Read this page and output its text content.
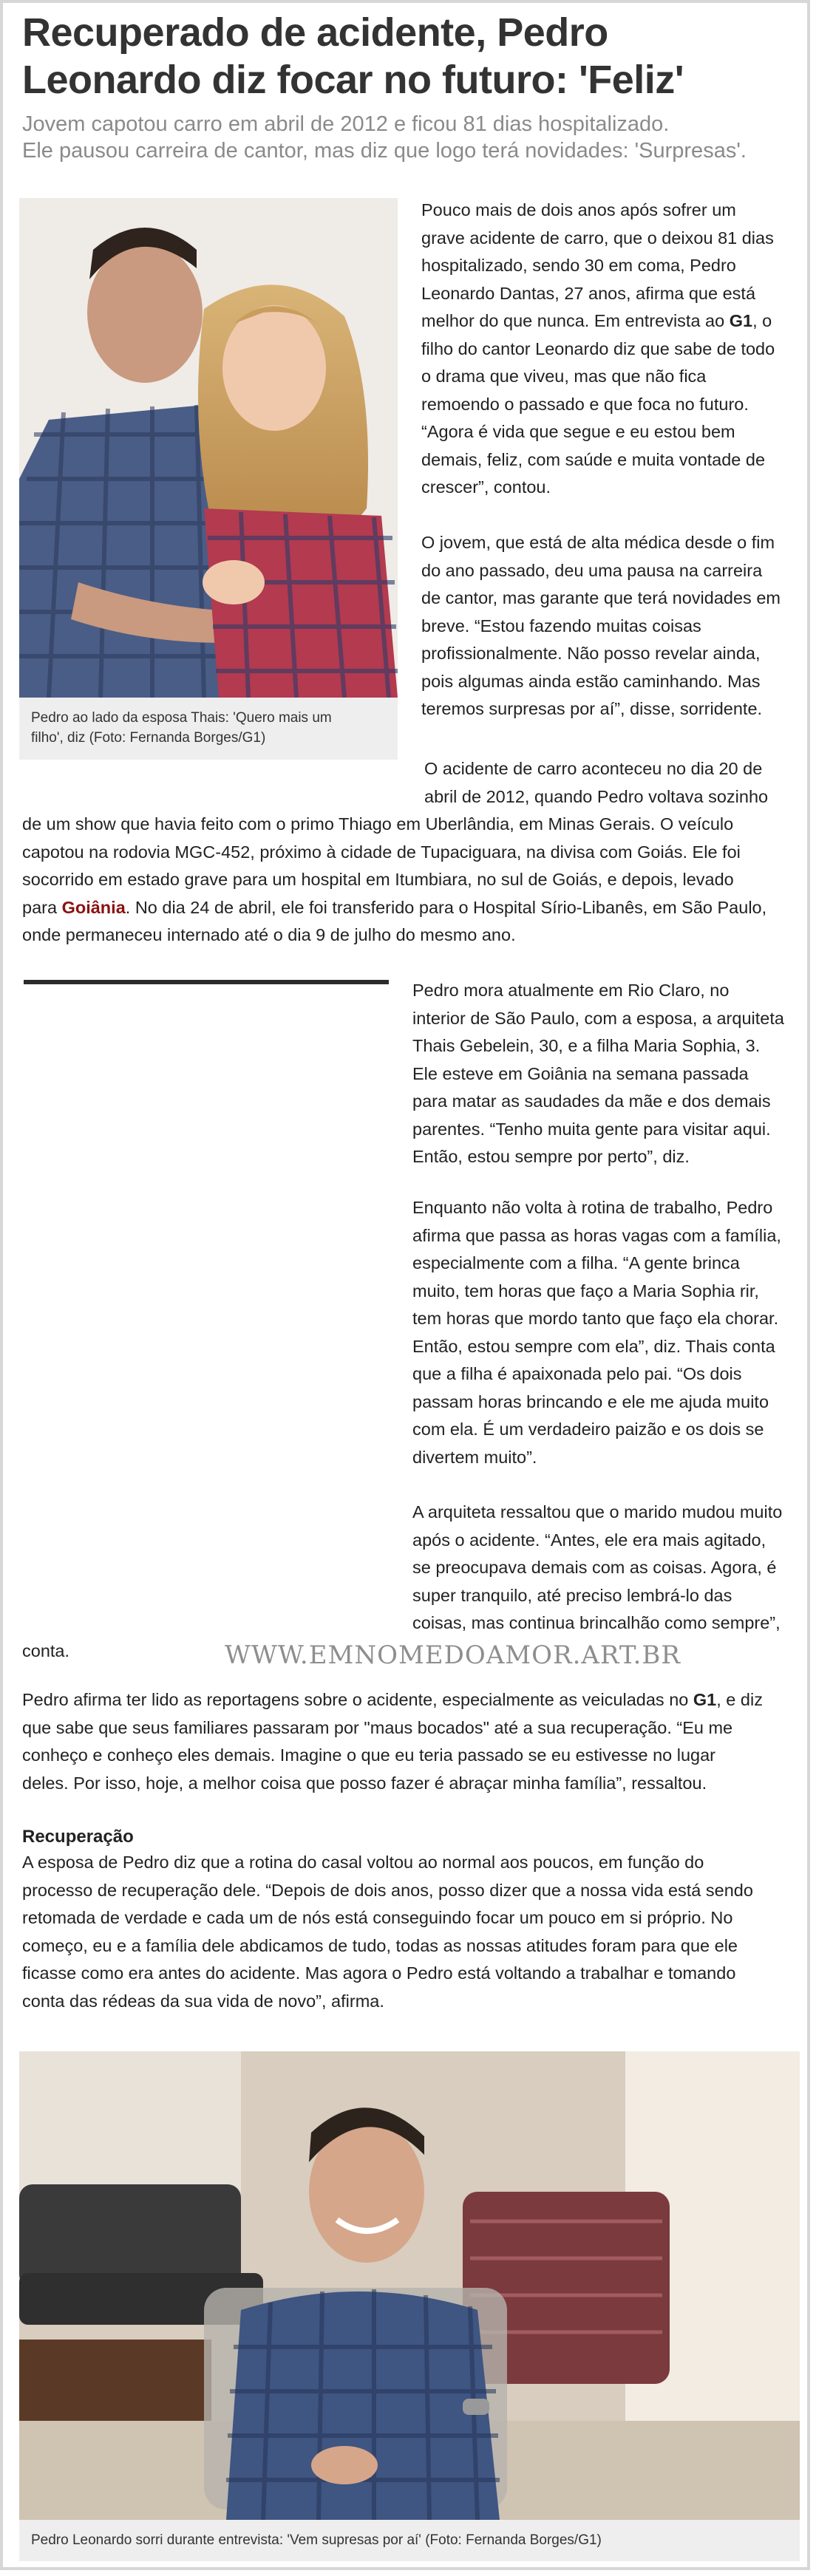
Recuperado de acidente, Pedro
Leonardo diz focar no futuro: 'Feliz'
Jovem capotou carro em abril de 2012 e ficou 81 dias hospitalizado.
Ele pausou carreira de cantor, mas diz que logo terá novidades: 'Surpresas'.
Pedro ao lado da esposa Thais: 'Quero mais um
filho', diz (Foto: Fernanda Borges/G1)
Pouco mais de dois anos após sofrer um
grave acidente de carro, que o deixou 81 dias
hospitalizado, sendo 30 em coma, Pedro
Leonardo Dantas, 27 anos, afirma que está
melhor do que nunca. Em entrevista ao G1, o
filho do cantor Leonardo diz que sabe de todo
o drama que viveu, mas que não fica
remoendo o passado e que foca no futuro.
“Agora é vida que segue e eu estou bem
demais, feliz, com saúde e muita vontade de
crescer”, contou.
O jovem, que está de alta médica desde o fim
do ano passado, deu uma pausa na carreira
de cantor, mas garante que terá novidades em
breve. “Estou fazendo muitas coisas
profissionalmente. Não posso revelar ainda,
pois algumas ainda estão caminhando. Mas
teremos surpresas por aí”, disse, sorridente.
O acidente de carro aconteceu no dia 20 de
abril de 2012, quando Pedro voltava sozinho
de um show que havia feito com o primo Thiago em Uberlândia, em Minas Gerais. O veículo
capotou na rodovia MGC-452, próximo à cidade de Tupaciguara, na divisa com Goiás. Ele foi
socorrido em estado grave para um hospital em Itumbiara, no sul de Goiás, e depois, levado
para Goiânia. No dia 24 de abril, ele foi transferido para o Hospital Sírio-Libanês, em São Paulo,
onde permaneceu internado até o dia 9 de julho do mesmo ano.
Pedro mora atualmente em Rio Claro, no
interior de São Paulo, com a esposa, a arquiteta
Thais Gebelein, 30, e a filha Maria Sophia, 3.
Ele esteve em Goiânia na semana passada
para matar as saudades da mãe e dos demais
parentes. “Tenho muita gente para visitar aqui.
Então, estou sempre por perto”, diz.
Enquanto não volta à rotina de trabalho, Pedro
afirma que passa as horas vagas com a família,
especialmente com a filha. “A gente brinca
muito, tem horas que faço a Maria Sophia rir,
tem horas que mordo tanto que faço ela chorar.
Então, estou sempre com ela”, diz. Thais conta
que a filha é apaixonada pelo pai. “Os dois
passam horas brincando e ele me ajuda muito
com ela. É um verdadeiro paizão e os dois se
divertem muito”.
A arquiteta ressaltou que o marido mudou muito
após o acidente. “Antes, ele era mais agitado,
se preocupava demais com as coisas. Agora, é
super tranquilo, até preciso lembrá-lo das
coisas, mas continua brincalhão como sempre”,
conta.	WWW.EMNOMEDOAMOR.ART.BR
Pedro afirma ter lido as reportagens sobre o acidente, especialmente as veiculadas no G1, e diz
que sabe que seus familiares passaram por "maus bocados" até a sua recuperação. “Eu me
conheço e conheço eles demais. Imagine o que eu teria passado se eu estivesse no lugar
deles. Por isso, hoje, a melhor coisa que posso fazer é abraçar minha família”, ressaltou.
Recuperação
A esposa de Pedro diz que a rotina do casal voltou ao normal aos poucos, em função do
processo de recuperação dele. “Depois de dois anos, posso dizer que a nossa vida está sendo
retomada de verdade e cada um de nós está conseguindo focar um pouco em si próprio. No
começo, eu e a família dele abdicamos de tudo, todas as nossas atitudes foram para que ele
ficasse como era antes do acidente. Mas agora o Pedro está voltando a trabalhar e tomando
conta das rédeas da sua vida de novo”, afirma.
Pedro Leonardo sorri durante entrevista: 'Vem supresas por aí' (Foto: Fernanda Borges/G1)
